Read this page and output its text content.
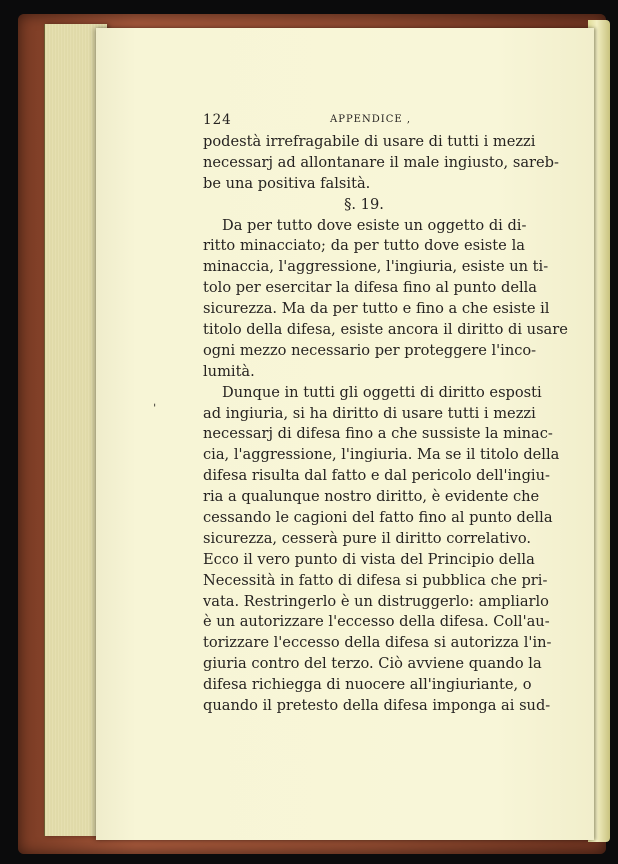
124	APPENDICE ,
podestà irrefragabile di usare di tutti i mezzi
necessarj ad allontanare il male ingiusto, sareb-
be una positiva falsità.
§. 19.
Da per tutto dove esiste un oggetto di di-
ritto minacciato; da per tutto dove esiste la
minaccia, l'aggressione, l'ingiuria, esiste un ti-
tolo per esercitar la difesa fino al punto della
sicurezza. Ma da per tutto e fino a che esiste il
titolo della difesa, esiste ancora il diritto di usare
ogni mezzo necessario per proteggere l'inco-
lumità.
Dunque in tutti gli oggetti di diritto esposti
ad ingiuria, si ha diritto di usare tutti i mezzi
necessarj di difesa fino a che sussiste la minac-
cia, l'aggressione, l'ingiuria. Ma se il titolo della
difesa risulta dal fatto e dal pericolo dell'ingiu-
ria a qualunque nostro diritto, è evidente che
cessando le cagioni del fatto fino al punto della
sicurezza, cesserà pure il diritto correlativo.
Ecco il vero punto di vista del Principio della
Necessità in fatto di difesa si pubblica che pri-
vata. Restringerlo è un distruggerlo: ampliarlo
è un autorizzare l'eccesso della difesa. Coll'au-
torizzare l'eccesso della difesa si autorizza l'in-
giuria contro del terzo. Ciò avviene quando la
difesa richiegga di nuocere all'ingiuriante, o
quando il pretesto della difesa imponga ai sud-
ˈ
